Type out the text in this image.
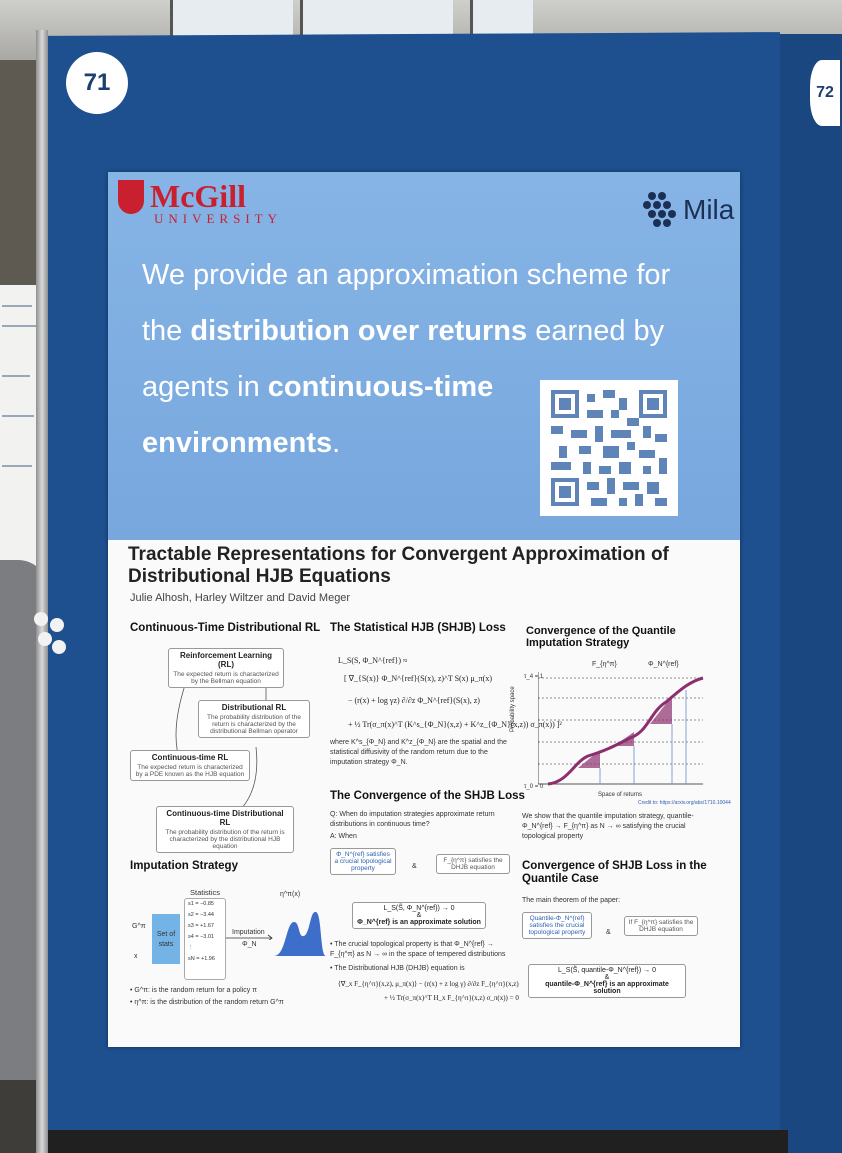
71	72
McGill
UNIVERSITY	Mila
We provide an approximation scheme for
the distribution over returns earned by
agents in continuous-time
environments.
Tractable Representations for Convergent Approximation of Distributional HJB Equations
Julie Alhosh, Harley Wiltzer and David Meger
Continuous-Time Distributional RL
Reinforcement Learning (RL)
The expected return is characterized by the Bellman equation
Distributional RL
The probability distribution of the return is characterized by the distributional Bellman operator
Continuous-time RL
The expected return is characterized by a PDE known as the HJB equation
Continuous-time Distributional RL
The probability distribution of the return is characterized by the distributional HJB equation
Imputation Strategy
Statistics
G^π
x
Set of stats
s1 = −0.85
s2 = −3.44
s3 = +1.67
s4 = −3.01
⋮
sN = +1.96
Imputation
Φ_N
η^π(x)
• G^π: is the random return for a policy π
• η^π: is the distribution of the random return G^π
The Statistical HJB (SHJB) Loss
L_S(S, Φ_N^{ref}) ≈
[ ∇_{S(x)} Φ_N^{ref}(S(x), z)^T S(x) μ_π(x)
− (r(x) + log γz) ∂/∂z Φ_N^{ref}(S(x), z)
+ ½ Tr(σ_π(x)^T (K^s_{Φ_N}(x,z) + K^z_{Φ_N}(x,z)) σ_π(x)) ]²
where K^s_{Φ_N} and K^z_{Φ_N} are the spatial and the statistical diffusivity of the random return due to the imputation strategy Φ_N.
The Convergence of the SHJB Loss
Q: When do imputation strategies approximate return distributions in continuous time?
A: When
Φ_N^{ref} satisfies a crucial topological property	&
F_{η^π} satisfies the DHJB equation
L_S(S̃, Φ_N^{ref}) → 0
&
Φ_N^{ref} is an approximate solution
• The crucial topological property is that Φ_N^{ref} → F_{η^π} as N → ∞ in the space of tempered distributions
• The Distributional HJB (DHJB) equation is
⟨∇_x F_{η^π}(x,z), μ_π(x)⟩ − (r(x) + z log γ) ∂/∂z F_{η^π}(x,z)
+ ½ Tr(σ_π(x)^T H_x F_{η^π}(x,z) σ_π(x)) = 0
Convergence of the Quantile Imputation Strategy
F_{η^π}	Φ_N^{ref}
τ_4 = 1
τ_0 = 0
Probability space
Space of returns
Credit to: https://arxiv.org/abs/1710.10044
We show that the quantile imputation strategy, quantile-Φ_N^{ref} → F_{η^π} as N → ∞ satisfying the crucial topological property
Convergence of SHJB Loss in the Quantile Case
The main theorem of the paper:
Quantile-Φ_N^{ref} satisfies the crucial topological property	&
If F_{η^π} satisfies the DHJB equation
L_S(S̃, quantile-Φ_N^{ref}) → 0
&
quantile-Φ_N^{ref} is an approximate solution
